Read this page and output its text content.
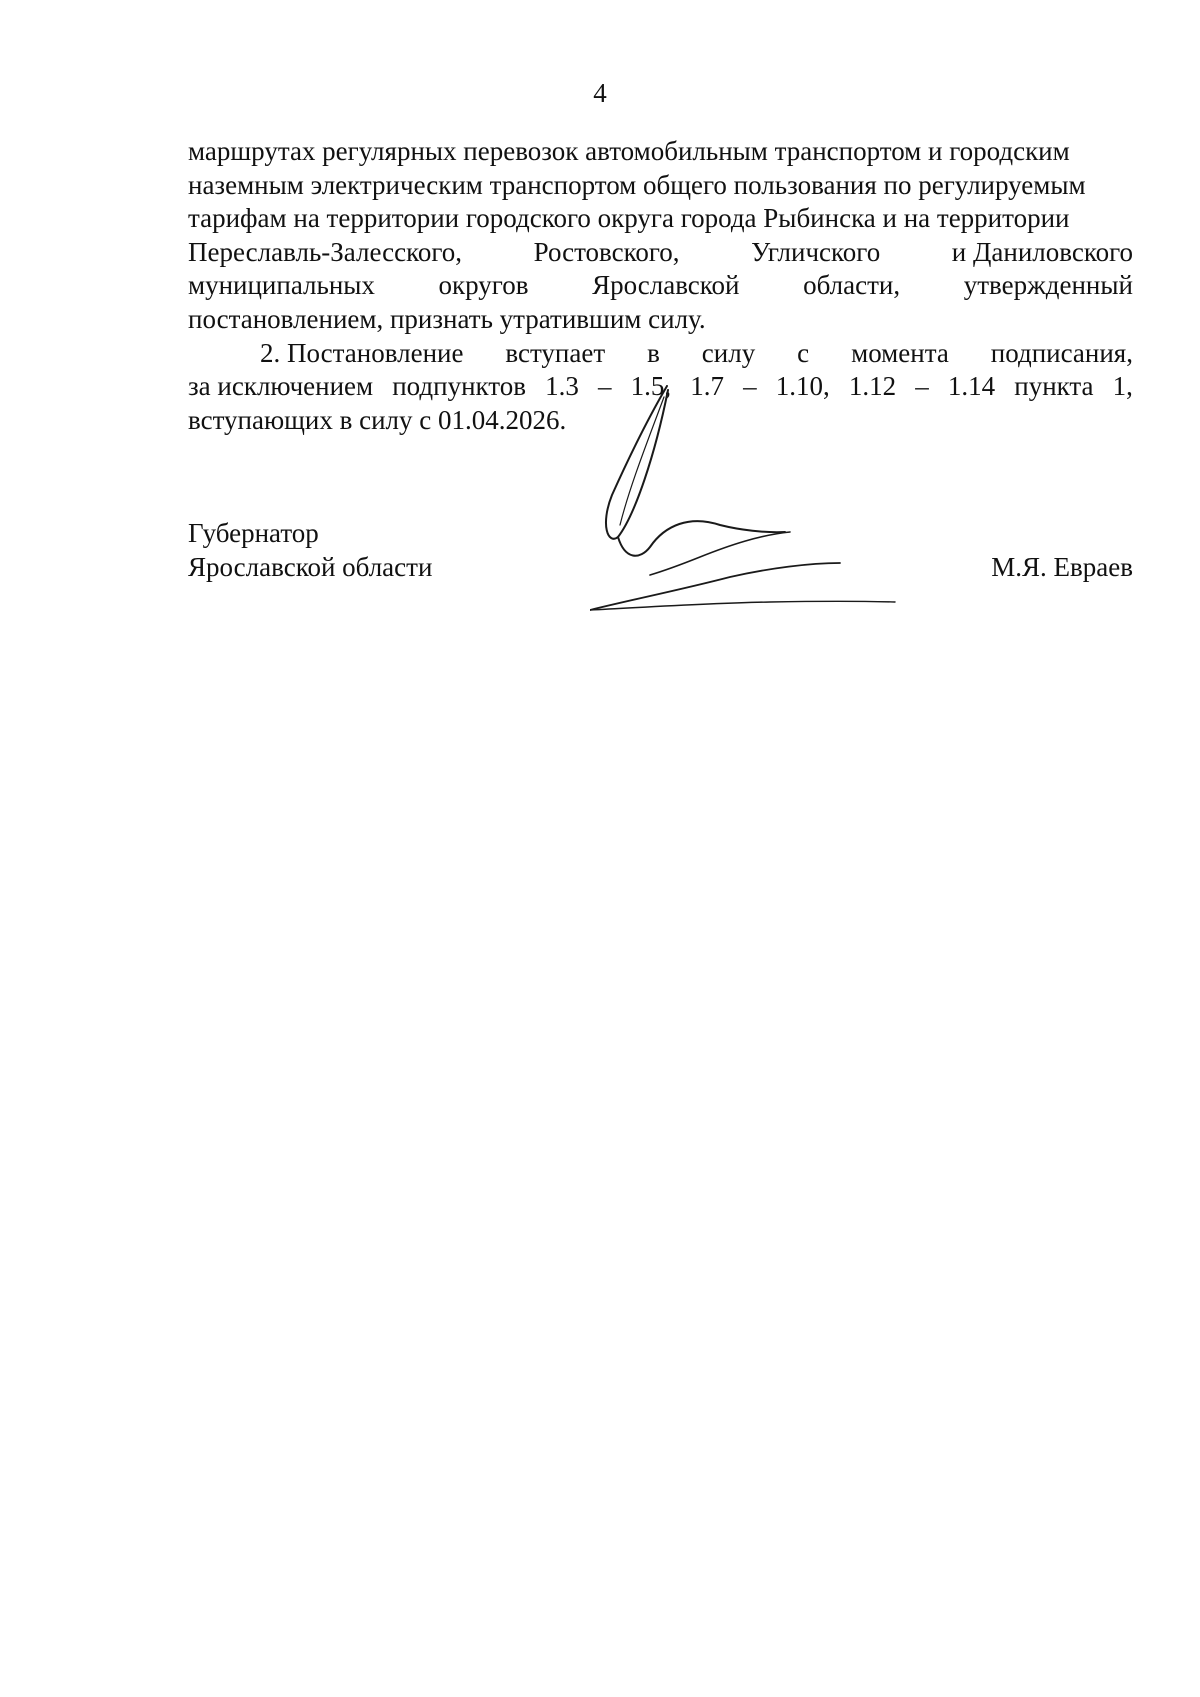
4
маршрутах регулярных перевозок автомобильным транспортом и городским
наземным электрическим транспортом общего пользования по регулируемым
тарифам на территории городского округа города Рыбинска и на территории
Переславль-Залесского,	Ростовского,	Угличского	и Даниловского
муниципальных округов Ярославской области, утвержденный
постановлением, признать утратившим силу.
2. Постановление вступает в силу с момента подписания,
за исключением подпунктов 1.3 – 1.5, 1.7 – 1.10, 1.12 – 1.14 пункта 1,
вступающих в силу с 01.04.2026.
Губернатор
Ярославской области	М.Я. Евраев
